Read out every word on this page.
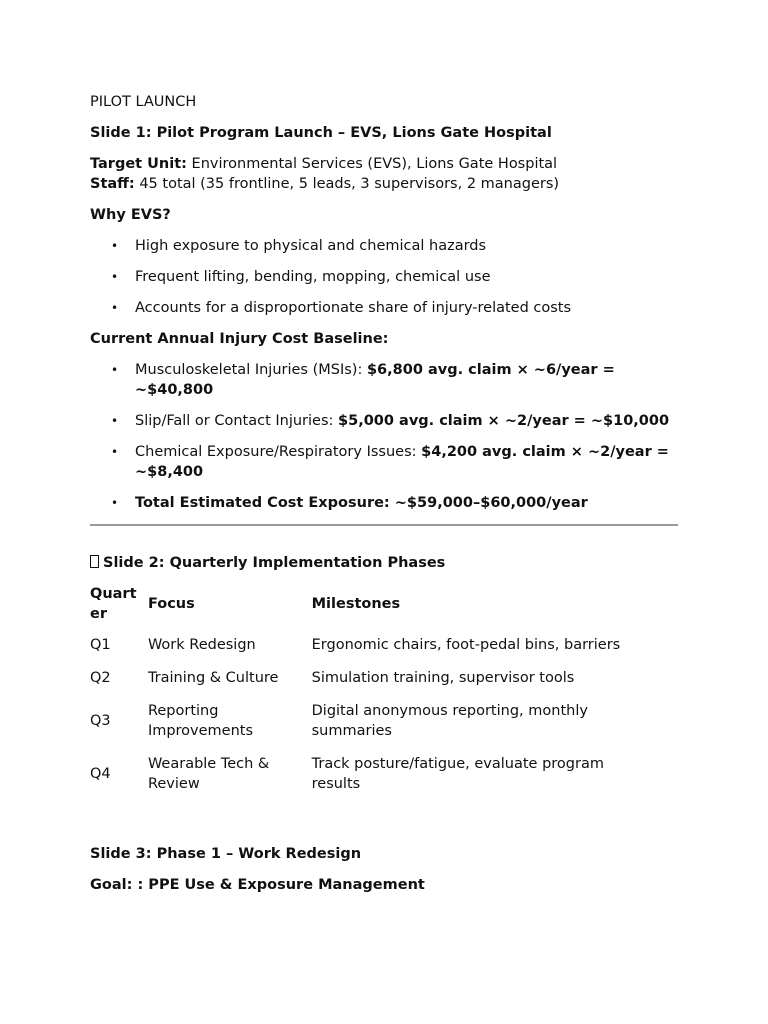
PILOT LAUNCH

Slide 1: Pilot Program Launch – EVS, Lions Gate Hospital

Target Unit: Environmental Services (EVS), Lions Gate Hospital

Staff: 45 total (35 frontline, 5 leads, 3 supervisors, 2 managers)

Why EVS?

• High exposure to physical and chemical hazards
• Frequent lifting, bending, mopping, chemical use
• Accounts for a disproportionate share of injury-related costs

Current Annual Injury Cost Baseline:

• Musculoskeletal Injuries (MSIs): $6,800 avg. claim × ~6/year = ~$40,800
• Slip/Fall or Contact Injuries: $5,000 avg. claim × ~2/year = ~$10,000
• Chemical Exposure/Respiratory Issues: $4,200 avg. claim × ~2/year = ~$8,400
• Total Estimated Cost Exposure: ~$59,000–$60,000/year

Slide 2: Quarterly Implementation Phases

Quarter	Focus	Milestones
Q1	Work Redesign	Ergonomic chairs, foot-pedal bins, barriers
Q2	Training & Culture	Simulation training, supervisor tools
Q3	Reporting Improvements	Digital anonymous reporting, monthly summaries
Q4	Wearable Tech & Review	Track posture/fatigue, evaluate program results

Slide 3: Phase 1 – Work Redesign

Goal: : PPE Use & Exposure Management
